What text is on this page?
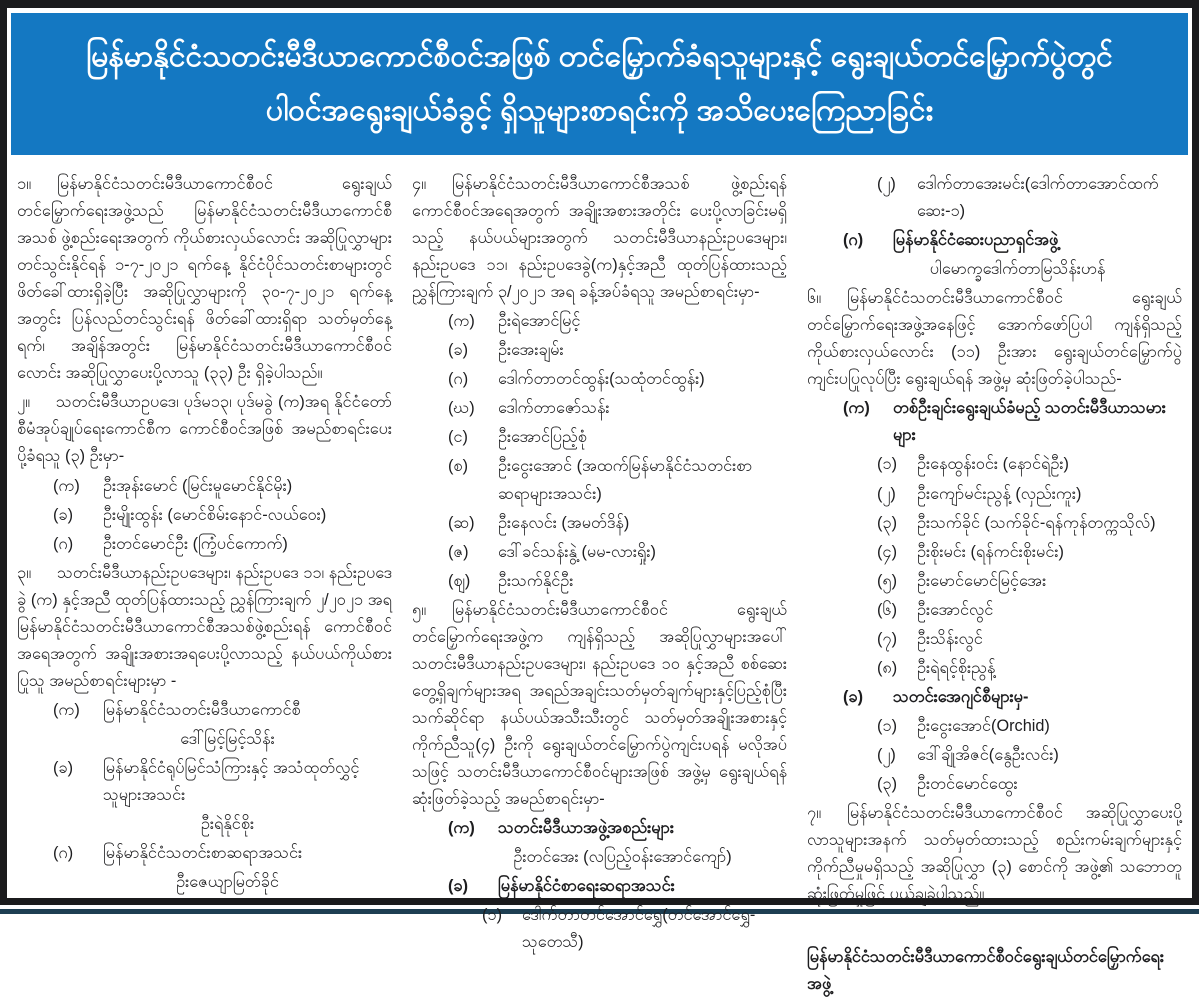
မြန်မာနိုင်ငံသတင်းမီဒီယာကောင်စီဝင်အဖြစ် တင်မြှောက်ခံရသူများနှင့် ရွေးချယ်တင်မြှောက်ပွဲတွင်
ပါဝင်အရွေးချယ်ခံခွင့် ရှိသူများစာရင်းကို အသိပေးကြေညာခြင်း
၁။ မြန်မာနိုင်ငံသတင်းမီဒီယာကောင်စီဝင် ရွေးချယ်တင်မြှောက်ရေးအဖွဲ့သည် မြန်မာနိုင်ငံသတင်းမီဒီယာကောင်စီအသစ် ဖွဲ့စည်းရေးအတွက် ကိုယ်စားလှယ်လောင်း အဆိုပြုလွှာများ တင်သွင်းနိုင်ရန် ၁-၇-၂၀၂၁ ရက်နေ့ နိုင်ငံပိုင်သတင်းစာများတွင် ဖိတ်ခေါ်ထားရှိခဲ့ပြီး အဆိုပြုလွှာများကို ၃၀-၇-၂၀၂၁ ရက်နေ့အတွင်း ပြန်လည်တင်သွင်းရန် ဖိတ်ခေါ်ထားရှိရာ သတ်မှတ်နေ့ရက်၊ အချိန်အတွင်း မြန်မာနိုင်ငံသတင်းမီဒီယာကောင်စီဝင်လောင်း အဆိုပြုလွှာပေးပို့လာသူ (၃၃) ဦး ရှိခဲ့ပါသည်။
၂။ သတင်းမီဒီယာဥပဒေ၊ ပုဒ်မ၁၃၊ ပုဒ်မခွဲ (က)အရ နိုင်ငံတော်စီမံအုပ်ချုပ်ရေးကောင်စီက ကောင်စီဝင်အဖြစ် အမည်စာရင်းပေးပို့ခံရသူ (၃) ဦးမှာ-
(က)	ဦးအုန်းမောင် (မြင်းမူမောင်နိုင်မိုး)
(ခ)	ဦးမျိုးထွန်း (မောင်စိမ်းနောင်-လယ်ဝေး)
(ဂ)	ဦးတင်မောင်ဦး (ကြံ့ပင်ကောက်)
၃။ သတင်းမီဒီယာနည်းဥပဒေများ၊ နည်းဥပဒေ ၁၁၊ နည်းဥပဒေခွဲ (က) နှင့်အညီ ထုတ်ပြန်ထားသည့် ညွှန်ကြားချက် ၂/၂၀၂၁ အရ မြန်မာနိုင်ငံသတင်းမီဒီယာကောင်စီအသစ်ဖွဲ့စည်းရန် ကောင်စီဝင်အရေအတွက် အချိုးအစားအရပေးပို့လာသည့် နယ်ပယ်ကိုယ်စားပြုသူ အမည်စာရင်းများမှာ -
(က)	မြန်မာနိုင်ငံသတင်းမီဒီယာကောင်စီ
ဒေါ်မြင့်မြင့်သိန်း
(ခ)	မြန်မာနိုင်ငံရုပ်မြင်သံကြားနှင့် အသံထုတ်လွှင့်သူများအသင်း
ဦးရဲနိုင်စိုး
(ဂ)	မြန်မာနိုင်ငံသတင်းစာဆရာအသင်း
ဦးဇေယျာမြတ်ခိုင်
၄။ မြန်မာနိုင်ငံသတင်းမီဒီယာကောင်စီအသစ် ဖွဲ့စည်းရန် ကောင်စီဝင်အရေအတွက် အချိုးအစားအတိုင်း ပေးပို့လာခြင်းမရှိသည့် နယ်ပယ်များအတွက် သတင်းမီဒီယာနည်းဥပဒေများ၊ နည်းဥပဒေ ၁၁၊ နည်းဥပဒေခွဲ(က)နှင့်အညီ ထုတ်ပြန်ထားသည့် ညွှန်ကြားချက် ၃/၂၀၂၁ အရ ခန့်အပ်ခံရသူ အမည်စာရင်းမှာ-
(က)	ဦးရဲအောင်မြင့်
(ခ)	ဦးအေးချမ်း
(ဂ)	ဒေါက်တာတင်ထွန်း(သထုံတင်ထွန်း)
(ဃ)	ဒေါက်တာဇော်သန်း
(င)	ဦးအောင်ပြည့်စုံ
(စ)	ဦးငွေးအောင် (အထက်မြန်မာနိုင်ငံသတင်းစာ ဆရာများအသင်း)
(ဆ)	ဦးနေလင်း (အမတ်ဒိန်)
(ဇ)	ဒေါ်ခင်သန်းနွဲ့ (မမ-လားရှိုး)
(ဈ)	ဦးသက်နိုင်ဦး
၅။ မြန်မာနိုင်ငံသတင်းမီဒီယာကောင်စီဝင် ရွေးချယ်တင်မြှောက်ရေးအဖွဲ့က ကျန်ရှိသည့် အဆိုပြုလွှာများအပေါ် သတင်းမီဒီယာနည်းဥပဒေများ၊ နည်းဥပဒေ ၁၀ နှင့်အညီ စစ်ဆေးတွေ့ရှိချက်များအရ အရည်အချင်းသတ်မှတ်ချက်များနှင့်ပြည့်စုံပြီး သက်ဆိုင်ရာ နယ်ပယ်အသီးသီးတွင် သတ်မှတ်အချိုးအစားနှင့် ကိုက်ညီသူ(၄) ဦးကို ရွေးချယ်တင်မြှောက်ပွဲကျင်းပရန် မလိုအပ်သဖြင့် သတင်းမီဒီယာကောင်စီဝင်များအဖြစ် အဖွဲ့မှ ရွေးချယ်ရန် ဆုံးဖြတ်ခဲ့သည့် အမည်စာရင်းမှာ-
(က)	သတင်းမီဒီယာအဖွဲ့အစည်းများ
ဦးတင်အေး (လပြည့်ဝန်းအောင်ကျော်)
(ခ)	မြန်မာနိုင်ငံစာရေးဆရာအသင်း
(၁)	ဒေါက်တာတင်အောင်ရွှေ(တင်အောင်ရွှေ-သုတေသီ)
(၂)	ဒေါက်တာအေးမင်း(ဒေါက်တာအောင်ထက်ဆေး-၁)
(ဂ)	မြန်မာနိုင်ငံဆေးပညာရှင်အဖွဲ့
ပါမောက္ခဒေါက်တာမြသိန်းဟန်
၆။ မြန်မာနိုင်ငံသတင်းမီဒီယာကောင်စီဝင် ရွေးချယ်တင်မြှောက်ရေးအဖွဲ့အနေဖြင့် အောက်ဖော်ပြပါ ကျန်ရှိသည့် ကိုယ်စားလှယ်လောင်း (၁၁) ဦးအား ရွေးချယ်တင်မြှောက်ပွဲ ကျင်းပပြုလုပ်ပြီး ရွေးချယ်ရန် အဖွဲ့မှ ဆုံးဖြတ်ခဲ့ပါသည်-
(က)	တစ်ဦးချင်းရွေးချယ်ခံမည့် သတင်းမီဒီယာသမားများ
(၁)	ဦးနေထွန်းဝင်း (နောင်ရဲဦး)
(၂)	ဦးကျော်မင်းညွန့် (လှည်းကူး)
(၃)	ဦးသက်ခိုင် (သက်ခိုင်-ရန်ကုန်တက္ကသိုလ်)
(၄)	ဦးစိုးမင်း (ရန်ကင်းစိုးမင်း)
(၅)	ဦးမောင်မောင်မြင့်အေး
(၆)	ဦးအောင်လွင်
(၇)	ဦးသိန်းလွင်
(၈)	ဦးရဲရင့်စိုးညွန့်
(ခ)	သတင်းအေဂျင်စီများမှ-
(၁)	ဦးငွေးအောင်(Orchid)
(၂)	ဒေါ်ချိုအိဇင်(နွေဦးလင်း)
(၃)	ဦးတင်မောင်ထွေး
၇။ မြန်မာနိုင်ငံသတင်းမီဒီယာကောင်စီဝင် အဆိုပြုလွှာပေးပို့လာသူများအနက် သတ်မှတ်ထားသည့် စည်းကမ်းချက်များနှင့် ကိုက်ညီမှုမရှိသည့် အဆိုပြုလွှာ (၃) စောင်ကို အဖွဲ့၏ သဘောတူဆုံးဖြတ်မှုဖြင့် ပယ်ချခဲ့ပါသည်။
မြန်မာနိုင်ငံသတင်းမီဒီယာကောင်စီဝင်ရွေးချယ်တင်မြှောက်ရေးအဖွဲ့
